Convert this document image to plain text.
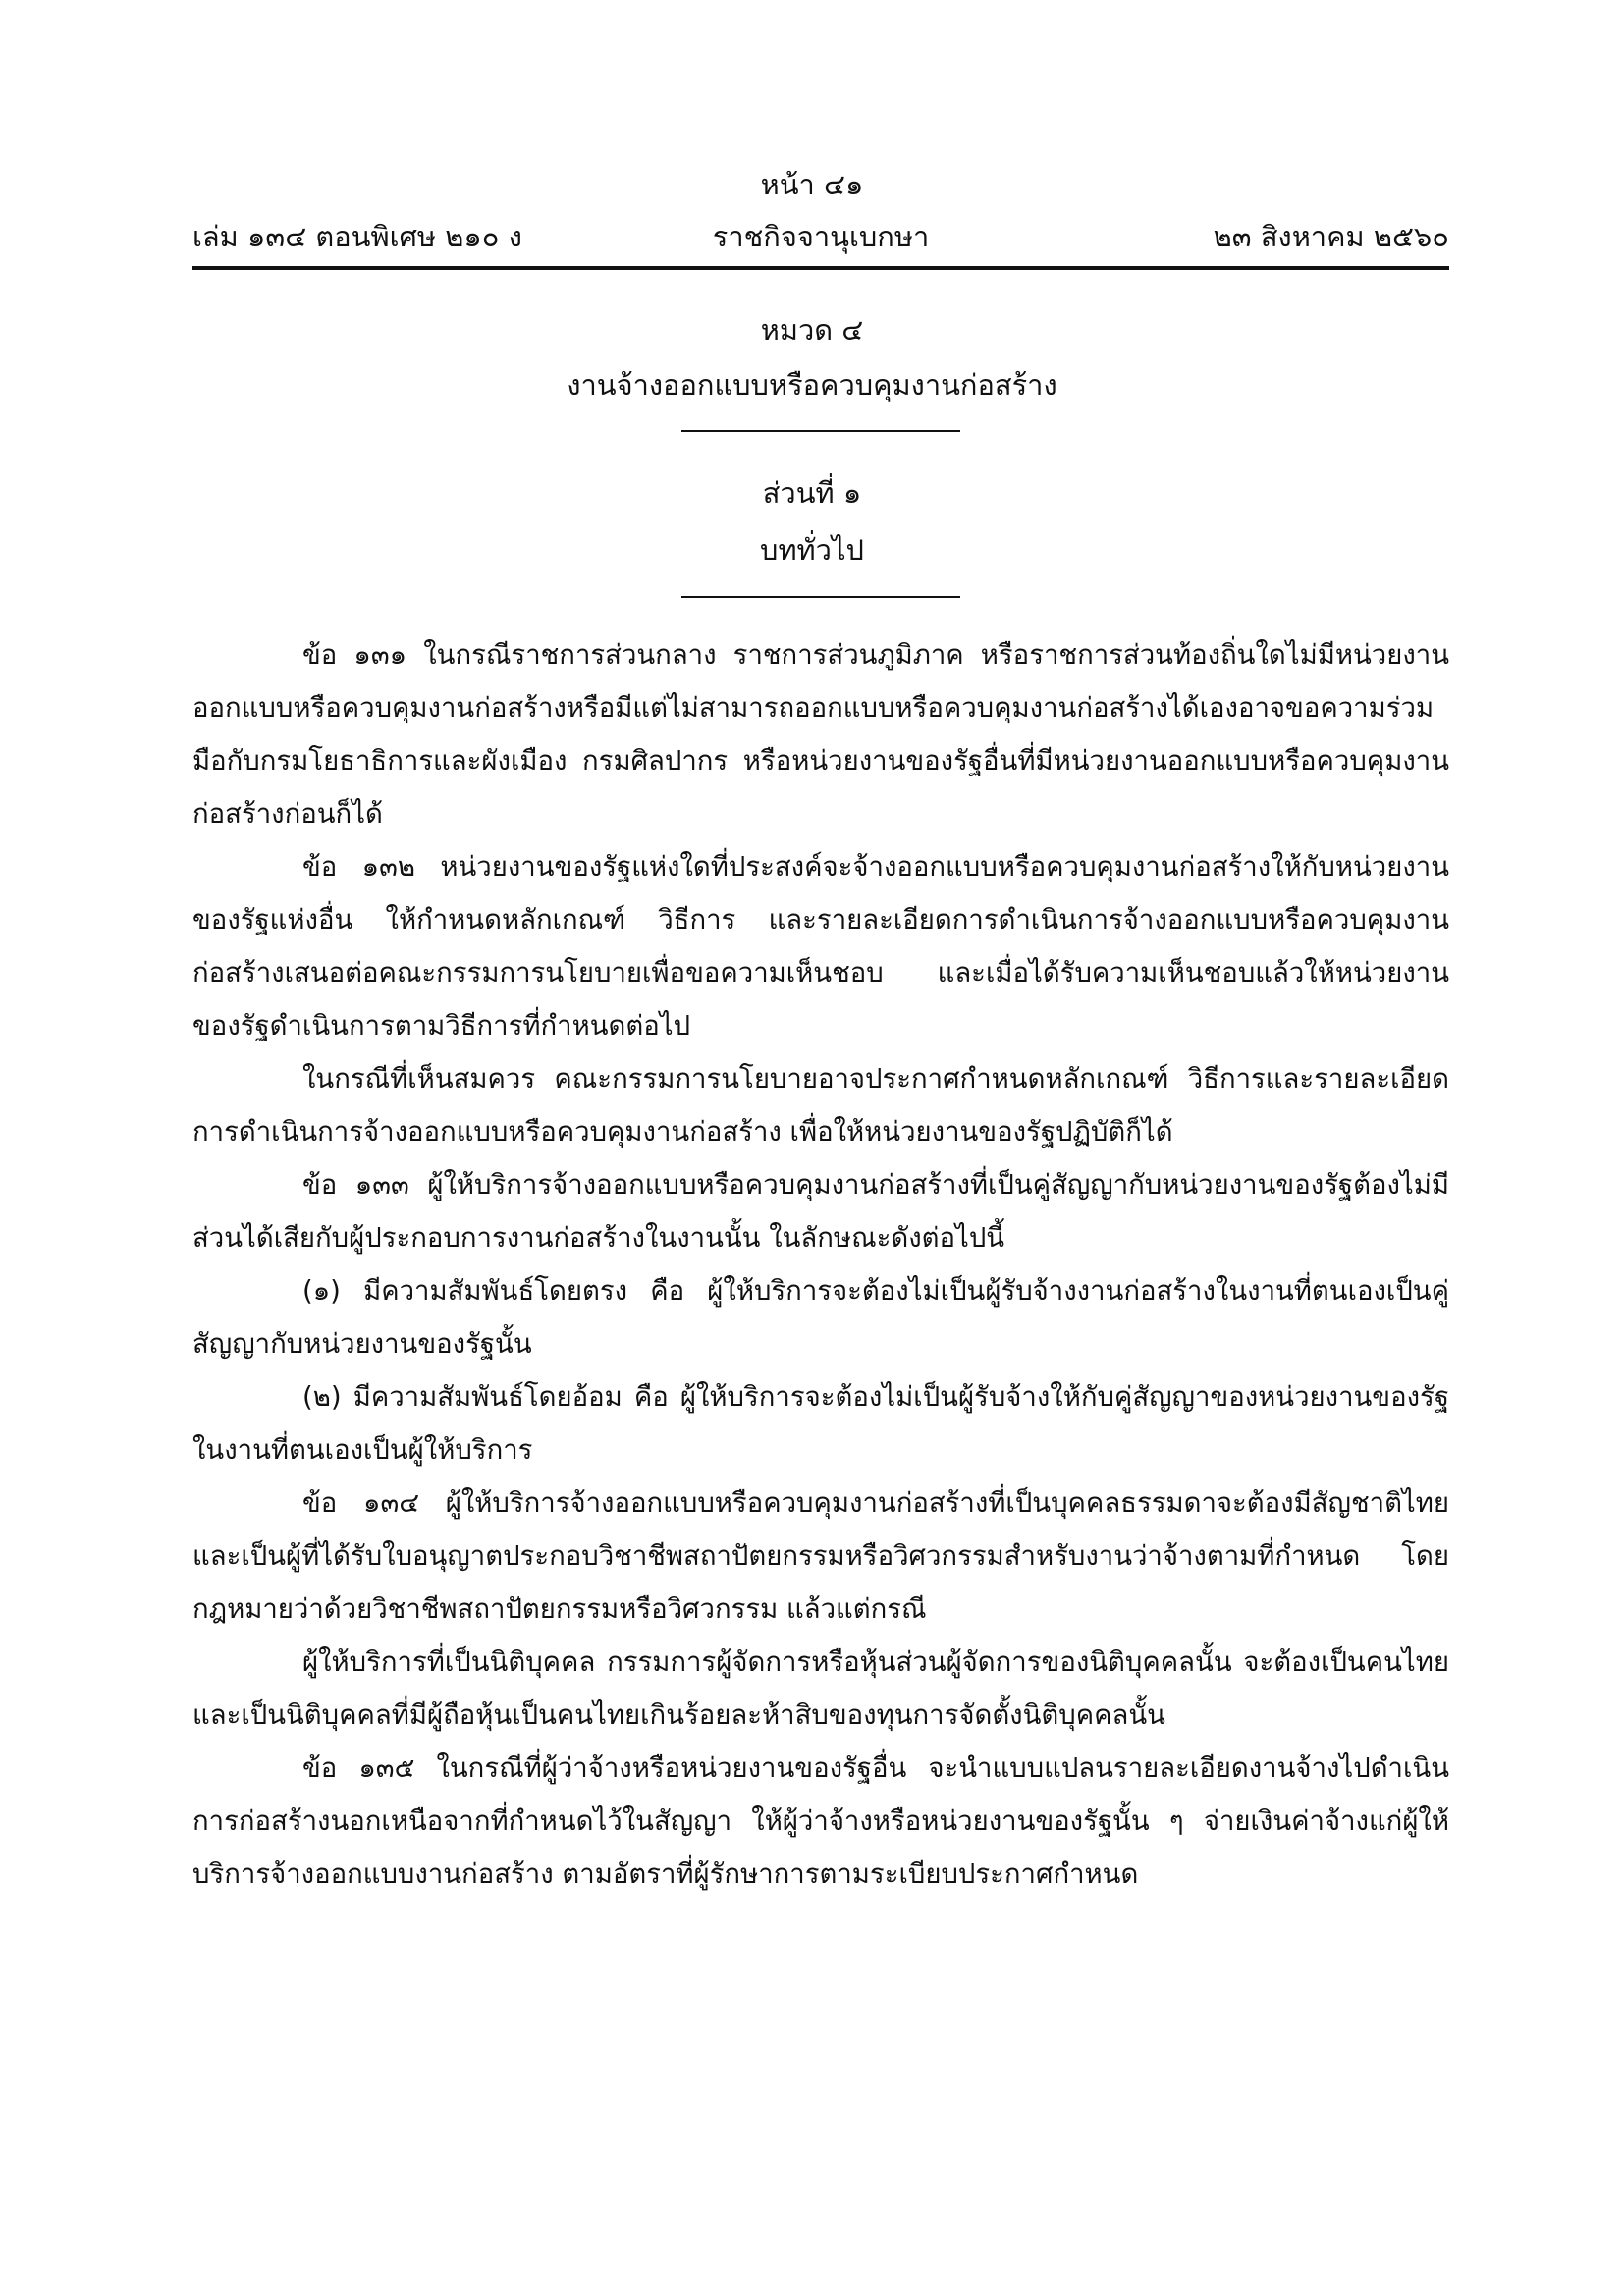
หน้า ๔๑
เล่ม ๑๓๔ ตอนพิเศษ ๒๑๐ ง	ราชกิจจานุเบกษา	๒๓ สิงหาคม ๒๕๖๐
หมวด ๔
งานจ้างออกแบบหรือควบคุมงานก่อสร้าง
ส่วนที่ ๑
บททั่วไป

ข้อ ๑๓๑ ในกรณีราชการส่วนกลาง ราชการส่วนภูมิภาค หรือราชการส่วนท้องถิ่นใดไม่มีหน่วยงานออกแบบหรือควบคุมงานก่อสร้างหรือมีแต่ไม่สามารถออกแบบหรือควบคุมงานก่อสร้างได้เองอาจขอความร่วมมือกับกรมโยธาธิการและผังเมือง กรมศิลปากร หรือหน่วยงานของรัฐอื่นที่มีหน่วยงานออกแบบหรือควบคุมงานก่อสร้างก่อนก็ได้

ข้อ ๑๓๒ หน่วยงานของรัฐแห่งใดที่ประสงค์จะจ้างออกแบบหรือควบคุมงานก่อสร้างให้กับหน่วยงานของรัฐแห่งอื่น ให้กำหนดหลักเกณฑ์ วิธีการ และรายละเอียดการดำเนินการจ้างออกแบบหรือควบคุมงานก่อสร้างเสนอต่อคณะกรรมการนโยบายเพื่อขอความเห็นชอบ และเมื่อได้รับความเห็นชอบแล้วให้หน่วยงานของรัฐดำเนินการตามวิธีการที่กำหนดต่อไป

ในกรณีที่เห็นสมควร คณะกรรมการนโยบายอาจประกาศกำหนดหลักเกณฑ์ วิธีการและรายละเอียดการดำเนินการจ้างออกแบบหรือควบคุมงานก่อสร้าง เพื่อให้หน่วยงานของรัฐปฏิบัติก็ได้

ข้อ ๑๓๓ ผู้ให้บริการจ้างออกแบบหรือควบคุมงานก่อสร้างที่เป็นคู่สัญญากับหน่วยงานของรัฐต้องไม่มีส่วนได้เสียกับผู้ประกอบการงานก่อสร้างในงานนั้น ในลักษณะดังต่อไปนี้

(๑) มีความสัมพันธ์โดยตรง คือ ผู้ให้บริการจะต้องไม่เป็นผู้รับจ้างงานก่อสร้างในงานที่ตนเองเป็นคู่สัญญากับหน่วยงานของรัฐนั้น

(๒) มีความสัมพันธ์โดยอ้อม คือ ผู้ให้บริการจะต้องไม่เป็นผู้รับจ้างให้กับคู่สัญญาของหน่วยงานของรัฐในงานที่ตนเองเป็นผู้ให้บริการ

ข้อ ๑๓๔ ผู้ให้บริการจ้างออกแบบหรือควบคุมงานก่อสร้างที่เป็นบุคคลธรรมดาจะต้องมีสัญชาติไทยและเป็นผู้ที่ได้รับใบอนุญาตประกอบวิชาชีพสถาปัตยกรรมหรือวิศวกรรมสำหรับงานว่าจ้างตามที่กำหนด โดยกฎหมายว่าด้วยวิชาชีพสถาปัตยกรรมหรือวิศวกรรม แล้วแต่กรณี

ผู้ให้บริการที่เป็นนิติบุคคล กรรมการผู้จัดการหรือหุ้นส่วนผู้จัดการของนิติบุคคลนั้น จะต้องเป็นคนไทย และเป็นนิติบุคคลที่มีผู้ถือหุ้นเป็นคนไทยเกินร้อยละห้าสิบของทุนการจัดตั้งนิติบุคคลนั้น

ข้อ ๑๓๕ ในกรณีที่ผู้ว่าจ้างหรือหน่วยงานของรัฐอื่น จะนำแบบแปลนรายละเอียดงานจ้างไปดำเนินการก่อสร้างนอกเหนือจากที่กำหนดไว้ในสัญญา ให้ผู้ว่าจ้างหรือหน่วยงานของรัฐนั้น ๆ จ่ายเงินค่าจ้างแก่ผู้ให้บริการจ้างออกแบบงานก่อสร้าง ตามอัตราที่ผู้รักษาการตามระเบียบประกาศกำหนด
